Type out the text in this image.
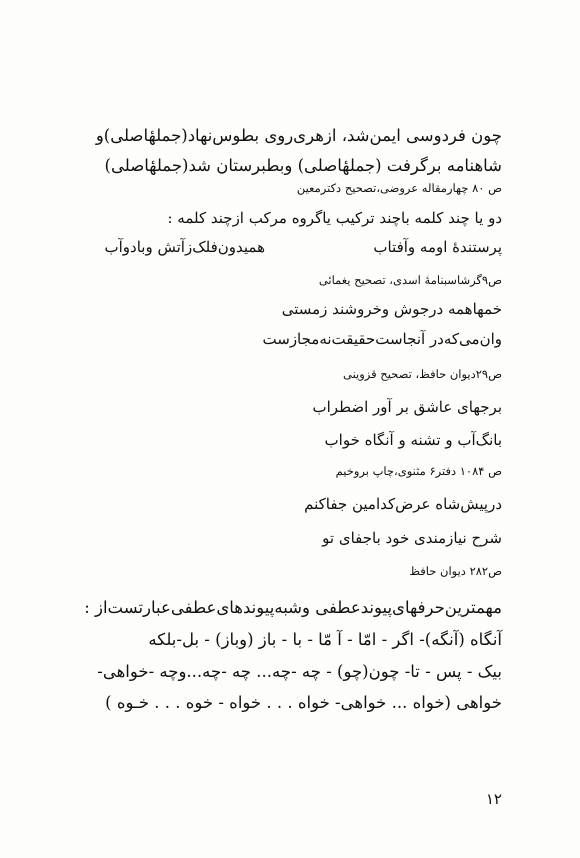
چون فردوسی ایمن‌شد، ازهری‌روی بطوس‌نهاد(جملهٔاصلی)و
شاهنامه برگرفت (جملهٔاصلی) وبطبرستان شد(جملهٔاصلی)
ص ۸۰ چهارمقاله عروضی،تصحیح دکترمعین
دو یا چند کلمه باچند ترکیب یاگروه مرکب ازچند کلمه :
پرستندهٔ اومه وآفتاب
همیدون‌فلک‌زآتش وبادوآب
ص۹گرشاسبنامهٔ اسدی، تصحیح یغمائی
خمهاهمه درجوش وخروشند زمستی
وان‌می‌که‌در آنجاست‌حقیقت‌نه‌مجازست
ص۲۹دیوان حافظ، تصحیح قزوینی
برجهای عاشق بر آور اضطراب
بانگ‌آب و تشنه و آنگاه خواب
ص ۱۰۸۴ دفتر۶ مثنوی،چاپ بروخیم
درپیش‌شاه عرض‌کدامین جفاکنم
شرح نیازمندی خود باجفای تو
ص۲۸۲ دیوان حافظ
مهمترین‌حرفهای‌پیوندعطفی وشبه‌پیوندهای‌عطفی‌عبارتست‌از :
آنگاه (آنگه)- اگر - امّا - آ مّا - با - باز (وباز) - بل-بلکه
بیک - پس - تا- چون(چو) - چه -چه... چه -چه...وچه -خواهی-
خواهی (خواه ... خواهی- خواه . . . خواه - خوه . . . خـوه )
۱۲
